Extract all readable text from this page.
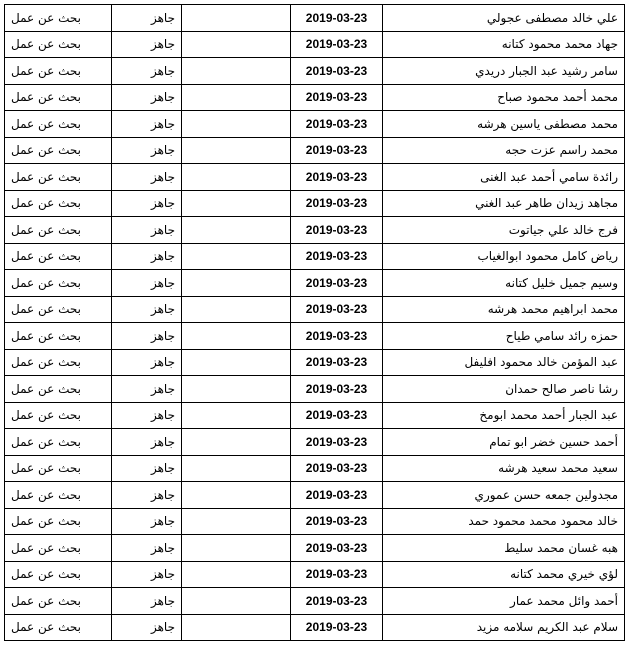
بحث عن عمل	جاهز		2019-03-23	علي خالد مصطفى عجولي
بحث عن عمل	جاهز		2019-03-23	جهاد محمد محمود كتانه
بحث عن عمل	جاهز		2019-03-23	سامر رشيد عبد الجبار دريدي
بحث عن عمل	جاهز		2019-03-23	محمد أحمد محمود صباح
بحث عن عمل	جاهز		2019-03-23	محمد مصطفى ياسين هرشه
بحث عن عمل	جاهز		2019-03-23	محمد راسم عزت حجه
بحث عن عمل	جاهز		2019-03-23	رائدة سامي أحمد عبد الغنى
بحث عن عمل	جاهز		2019-03-23	مجاهد زيدان طاهر عبد الغني
بحث عن عمل	جاهز		2019-03-23	فرج خالد علي جياتوت
بحث عن عمل	جاهز		2019-03-23	رياض كامل محمود ابوالغياب
بحث عن عمل	جاهز		2019-03-23	وسيم جميل خليل كتانه
بحث عن عمل	جاهز		2019-03-23	محمد ابراهيم محمد هرشه
بحث عن عمل	جاهز		2019-03-23	حمزه رائد سامي طياح
بحث عن عمل	جاهز		2019-03-23	عبد المؤمن خالد محمود افليفل
بحث عن عمل	جاهز		2019-03-23	رشا ناصر صالح حمدان
بحث عن عمل	جاهز		2019-03-23	عبد الجبار أحمد محمد ابومخ
بحث عن عمل	جاهز		2019-03-23	أحمد حسين خضر ابو تمام
بحث عن عمل	جاهز		2019-03-23	سعيد محمد سعيد هرشه
بحث عن عمل	جاهز		2019-03-23	مجدولين جمعه حسن عموري
بحث عن عمل	جاهز		2019-03-23	خالد محمود محمد محمود حمد
بحث عن عمل	جاهز		2019-03-23	هبه غسان محمد سليط
بحث عن عمل	جاهز		2019-03-23	لؤي خيري محمد كتانه
بحث عن عمل	جاهز		2019-03-23	أحمد وائل محمد عمار
بحث عن عمل	جاهز		2019-03-23	سلام عبد الكريم سلامه مزيد
